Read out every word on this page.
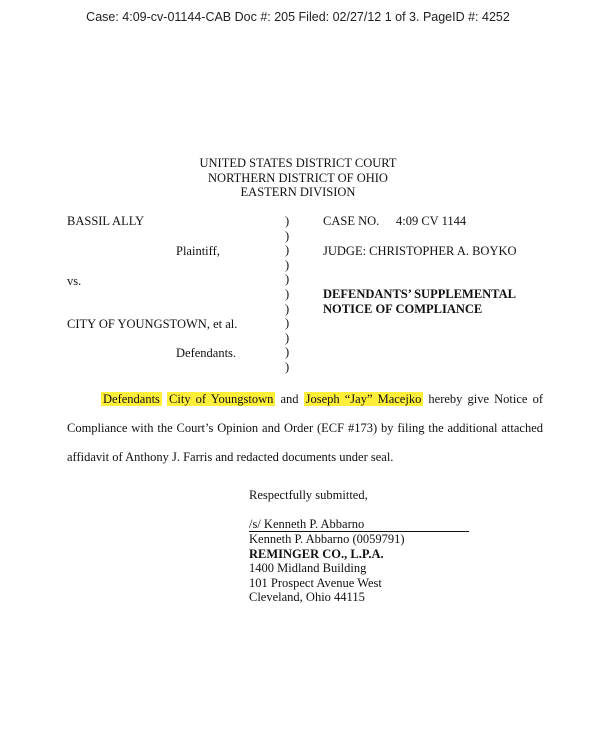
Case: 4:09-cv-01144-CAB Doc #: 205 Filed: 02/27/12 1 of 3. PageID #: 4252
UNITED STATES DISTRICT COURT
NORTHERN DISTRICT OF OHIO
EASTERN DIVISION
BASSIL ALLY
Plaintiff,
vs.
CITY OF YOUNGSTOWN, et al.
Defendants.
)
)
)
)
)
)
)
)
)
)
)
CASE NO. 4:09 CV 1144
JUDGE: CHRISTOPHER A. BOYKO
DEFENDANTS’ SUPPLEMENTAL
NOTICE OF COMPLIANCE

Defendants City of Youngstown and Joseph “Jay” Macejko hereby give Notice of Compliance with the Court’s Opinion and Order (ECF #173) by filing the additional attached affidavit of Anthony J. Farris and redacted documents under seal.

Respectfully submitted,
/s/ Kenneth P. Abbarno
Kenneth P. Abbarno (0059791)
REMINGER CO., L.P.A.
1400 Midland Building
101 Prospect Avenue West
Cleveland, Ohio 44115
